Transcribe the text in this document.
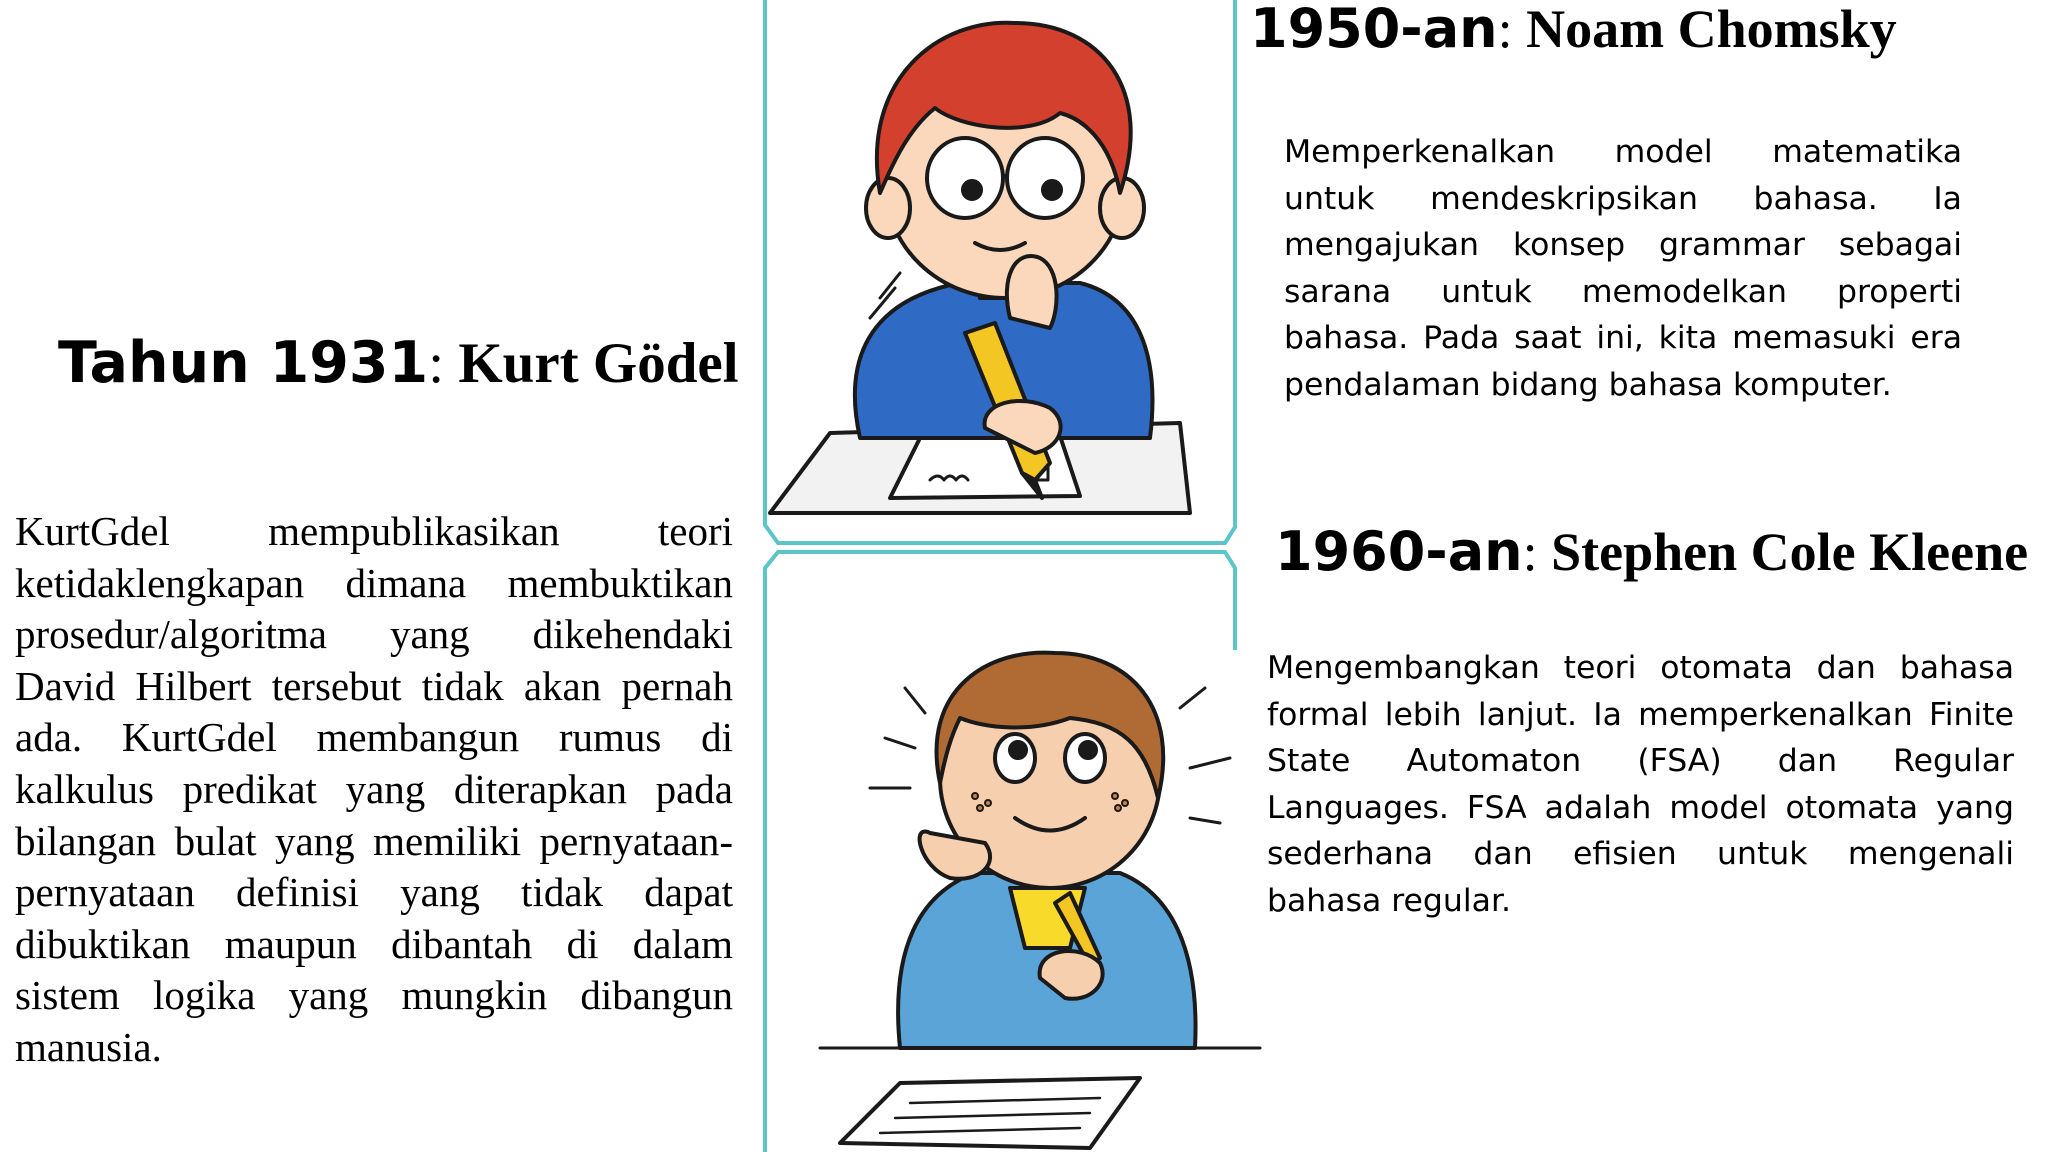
Tahun 1931: Kurt Gödel

KurtGdel mempublikasikan teori ketidaklengkapan dimana membuktikan prosedur/algoritma yang dikehendaki David Hilbert tersebut tidak akan pernah ada. KurtGdel membangun rumus di kalkulus predikat yang diterapkan pada bilangan bulat yang memiliki pernyataan-pernyataan definisi yang tidak dapat dibuktikan maupun dibantah di dalam sistem logika yang mungkin dibangun manusia.

1950-an: Noam Chomsky

Memperkenalkan model matematika untuk mendeskripsikan bahasa. Ia mengajukan konsep grammar sebagai sarana untuk memodelkan properti bahasa. Pada saat ini, kita memasuki era pendalaman bidang bahasa komputer.

1960-an: Stephen Cole Kleene

Mengembangkan teori otomata dan bahasa formal lebih lanjut. Ia memperkenalkan Finite State Automaton (FSA) dan Regular Languages. FSA adalah model otomata yang sederhana dan efisien untuk mengenali bahasa regular.
